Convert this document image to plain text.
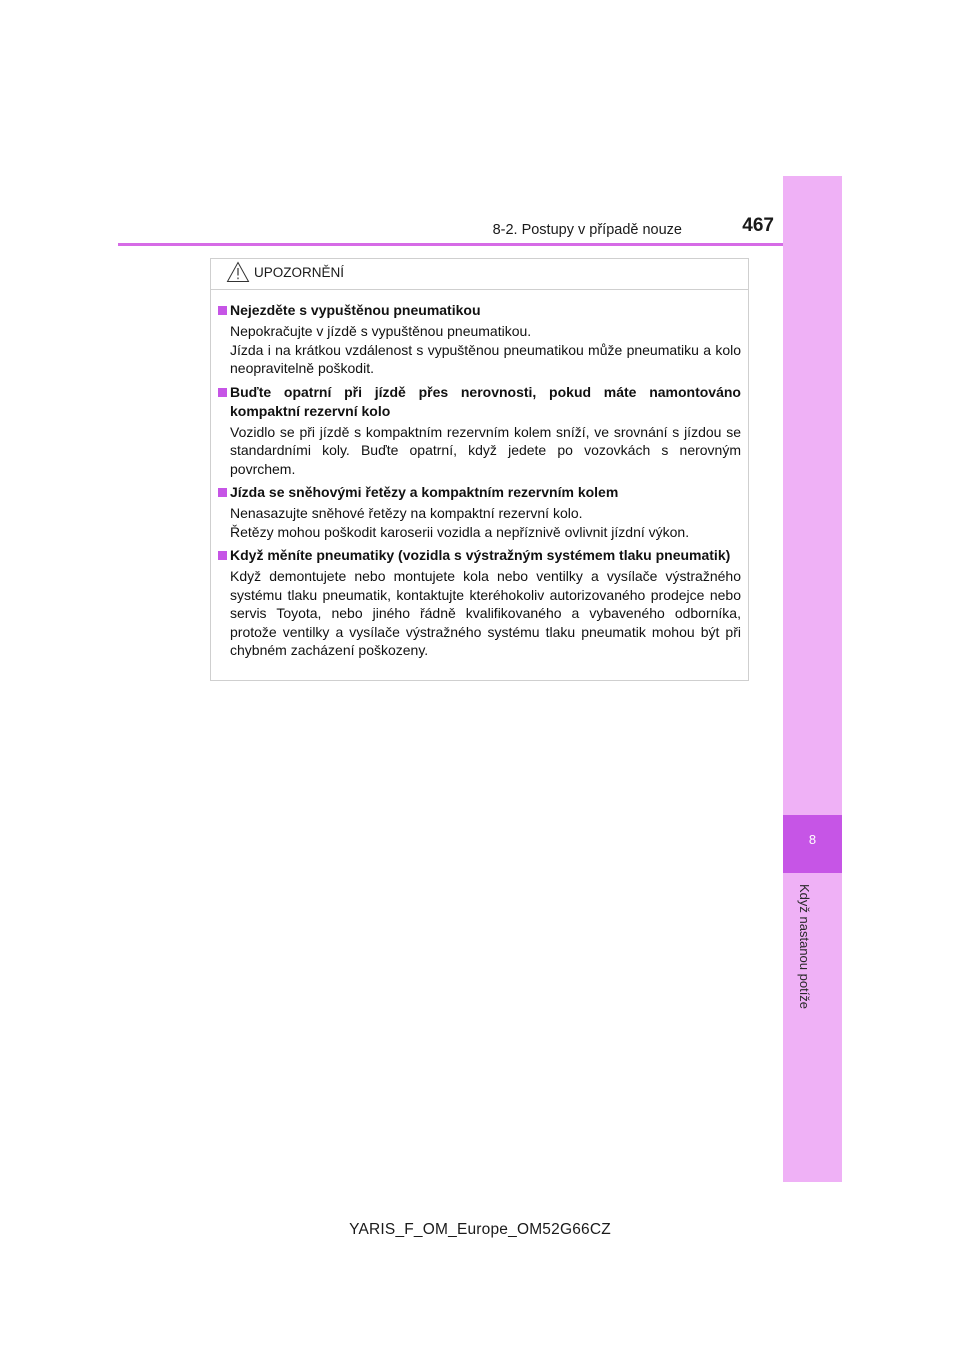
8-2. Postupy v případě nouze	467
8
Když nastanou potíže
UPOZORNĚNÍ
Nejezděte s vypuštěnou pneumatikou

Nepokračujte v jízdě s vypuštěnou pneumatikou.

Jízda i na krátkou vzdálenost s vypuštěnou pneumatikou může pneumatiku a kolo neopravitelně poškodit.

Buďte opatrní při jízdě přes nerovnosti, pokud máte namontováno kompaktní rezervní kolo

Vozidlo se při jízdě s kompaktním rezervním kolem sníží, ve srovnání s jízdou se standardními koly. Buďte opatrní, když jedete po vozovkách s nerovným povrchem.

Jízda se sněhovými řetězy a kompaktním rezervním kolem

Nenasazujte sněhové řetězy na kompaktní rezervní kolo.

Řetězy mohou poškodit karoserii vozidla a nepříznivě ovlivnit jízdní výkon.

Když měníte pneumatiky (vozidla s výstražným systémem tlaku pneumatik)

Když demontujete nebo montujete kola nebo ventilky a vysílače výstražného systému tlaku pneumatik, kontaktujte kteréhokoliv autorizovaného prodejce nebo servis Toyota, nebo jiného řádně kvalifikovaného a vybaveného odborníka, protože ventilky a vysílače výstražného systému tlaku pneumatik mohou být při chybném zacházení poškozeny.

YARIS_F_OM_Europe_OM52G66CZ
